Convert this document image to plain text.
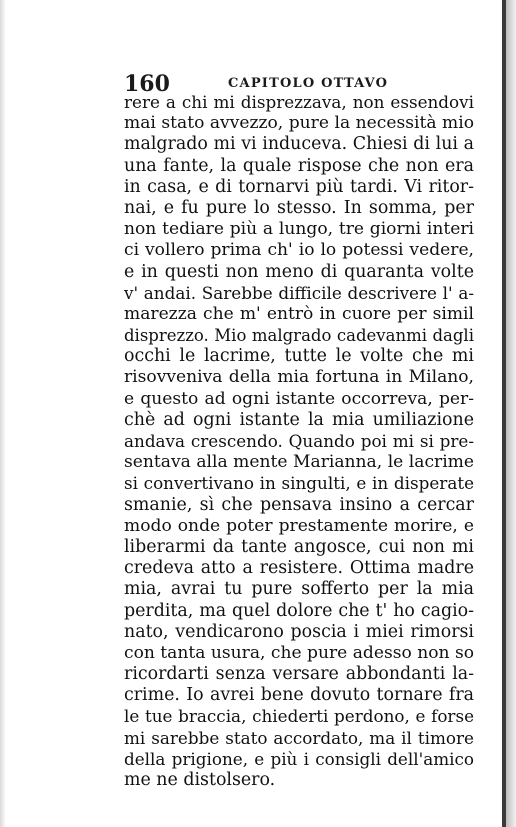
160	CAPITOLO OTTAVO
rere a chi mi disprezzava, non essendovi
mai stato avvezzo, pure la necessità mio
malgrado mi vi induceva. Chiesi di lui a
una fante, la quale rispose che non era
in casa, e di tornarvi più tardi. Vi ritor-
nai, e fu pure lo stesso. In somma, per
non tediare più a lungo, tre giorni interi
ci vollero prima ch' io lo potessi vedere,
e in questi non meno di quaranta volte
v' andai. Sarebbe difficile descrivere l' a-
marezza che m' entrò in cuore per simil
disprezzo. Mio malgrado cadevanmi dagli
occhi le lacrime, tutte le volte che mi
risovveniva della mia fortuna in Milano,
e questo ad ogni istante occorreva, per-
chè ad ogni istante la mia umiliazione
andava crescendo. Quando poi mi si pre-
sentava alla mente Marianna, le lacrime
si convertivano in singulti, e in disperate
smanie, sì che pensava insino a cercar
modo onde poter prestamente morire, e
liberarmi da tante angosce, cui non mi
credeva atto a resistere. Ottima madre
mia, avrai tu pure sofferto per la mia
perdita, ma quel dolore che t' ho cagio-
nato, vendicarono poscia i miei rimorsi
con tanta usura, che pure adesso non so
ricordarti senza versare abbondanti la-
crime. Io avrei bene dovuto tornare fra
le tue braccia, chiederti perdono, e forse
mi sarebbe stato accordato, ma il timore
della prigione, e più i consigli dell'amico
me ne distolsero.
